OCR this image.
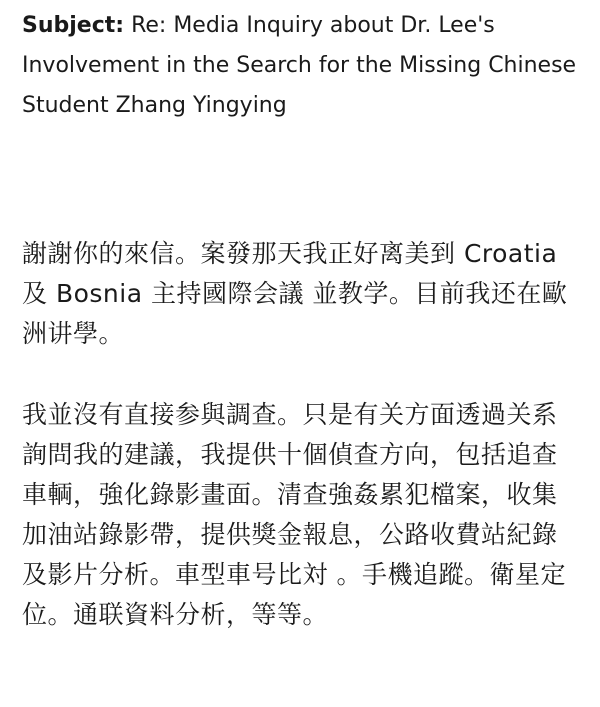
Subject: Re: Media Inquiry about Dr. Lee's Involvement in the Search for the Missing Chinese Student Zhang Yingying

謝謝你的來信。案發那天我正好离美到 Croatia 及 Bosnia 主持國際会議 並教学。目前我还在歐洲讲學。

我並沒有直接参與調查。只是有关方面透過关系詢問我的建議，我提供十個偵查方向，包括追查車輌，強化錄影畫面。清查強姦累犯檔案，收集加油站錄影帶，提供獎金報息，公路收費站紀錄及影片分析。車型車号比対 。手機追蹤。衛星定位。通联資料分析，等等。
